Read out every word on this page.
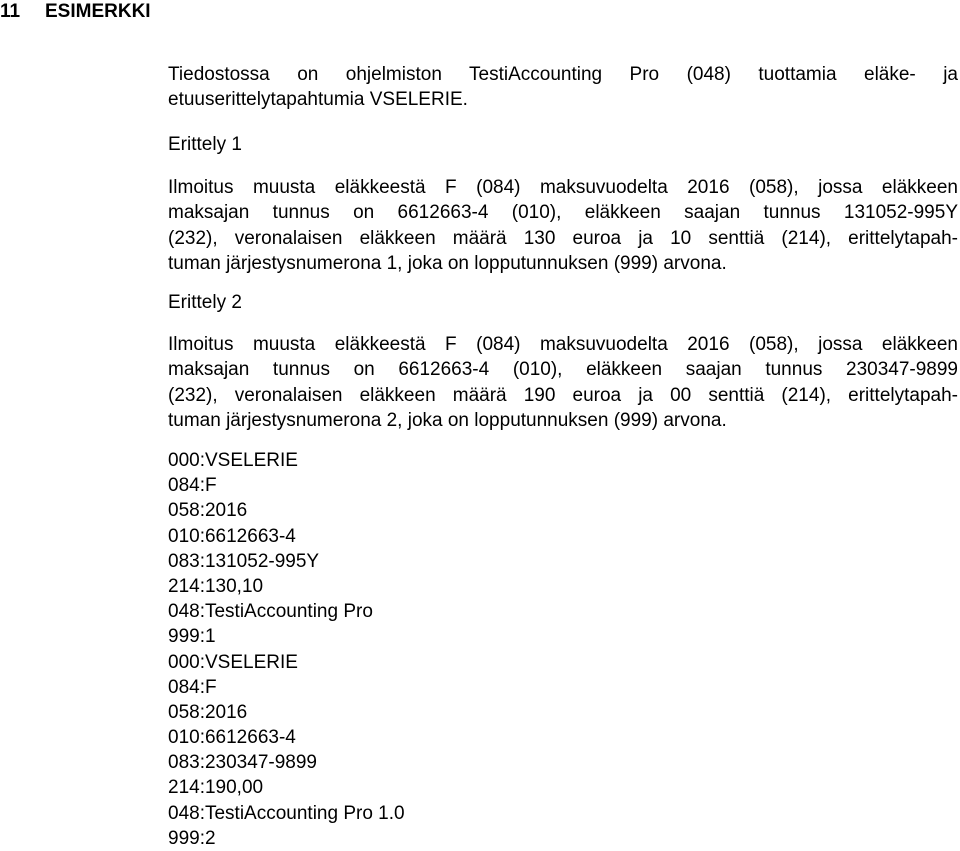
11 ESIMERKKI
Tiedostossa on ohjelmiston TestiAccounting Pro (048) tuottamia eläke- ja
etuuserittelytapahtumia VSELERIE.
Erittely 1
Ilmoitus muusta eläkkeestä F (084) maksuvuodelta 2016 (058), jossa eläkkeen
maksajan tunnus on 6612663-4 (010), eläkkeen saajan tunnus 131052-995Y
(232), veronalaisen eläkkeen määrä 130 euroa ja 10 senttiä (214), erittelytapah-
tuman järjestysnumerona 1, joka on lopputunnuksen (999) arvona.
Erittely 2
Ilmoitus muusta eläkkeestä F (084) maksuvuodelta 2016 (058), jossa eläkkeen
maksajan tunnus on 6612663-4 (010), eläkkeen saajan tunnus 230347-9899
(232), veronalaisen eläkkeen määrä 190 euroa ja 00 senttiä (214), erittelytapah-
tuman järjestysnumerona 2, joka on lopputunnuksen (999) arvona.
000:VSELERIE
084:F
058:2016
010:6612663-4
083:131052-995Y
214:130,10
048:TestiAccounting Pro
999:1
000:VSELERIE
084:F
058:2016
010:6612663-4
083:230347-9899
214:190,00
048:TestiAccounting Pro 1.0
999:2
